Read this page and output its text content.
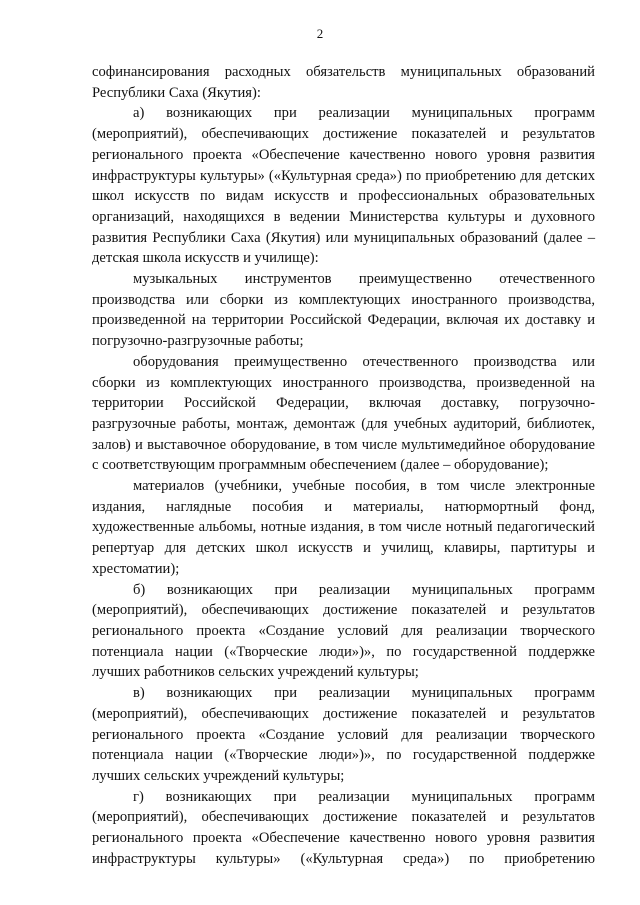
2

софинансирования расходных обязательств муниципальных образований Республики Саха (Якутия):

а) возникающих при реализации муниципальных программ (мероприятий), обеспечивающих достижение показателей и результатов регионального проекта «Обеспечение качественно нового уровня развития инфраструктуры культуры» («Культурная среда») по приобретению для детских школ искусств по видам искусств и профессиональных образовательных организаций, находящихся в ведении Министерства культуры и духовного развития Республики Саха (Якутия) или муниципальных образований (далее – детская школа искусств и училище):

музыкальных инструментов преимущественно отечественного производства или сборки из комплектующих иностранного производства, произведенной на территории Российской Федерации, включая их доставку и погрузочно-разгрузочные работы;

оборудования преимущественно отечественного производства или сборки из комплектующих иностранного производства, произведенной на территории Российской Федерации, включая доставку, погрузочно-разгрузочные работы, монтаж, демонтаж (для учебных аудиторий, библиотек, залов) и выставочное оборудование, в том числе мультимедийное оборудование с соответствующим программным обеспечением (далее – оборудование);

материалов (учебники, учебные пособия, в том числе электронные издания, наглядные пособия и материалы, натюрмортный фонд, художественные альбомы, нотные издания, в том числе нотный педагогический репертуар для детских школ искусств и училищ, клавиры, партитуры и хрестоматии);

б) возникающих при реализации муниципальных программ (мероприятий), обеспечивающих достижение показателей и результатов регионального проекта «Создание условий для реализации творческого потенциала нации («Творческие люди»)», по государственной поддержке лучших работников сельских учреждений культуры;

в) возникающих при реализации муниципальных программ (мероприятий), обеспечивающих достижение показателей и результатов регионального проекта «Создание условий для реализации творческого потенциала нации («Творческие люди»)», по государственной поддержке лучших сельских учреждений культуры;

г) возникающих при реализации муниципальных программ (мероприятий), обеспечивающих достижение показателей и результатов регионального проекта «Обеспечение качественно нового уровня развития инфраструктуры культуры» («Культурная среда») по приобретению
